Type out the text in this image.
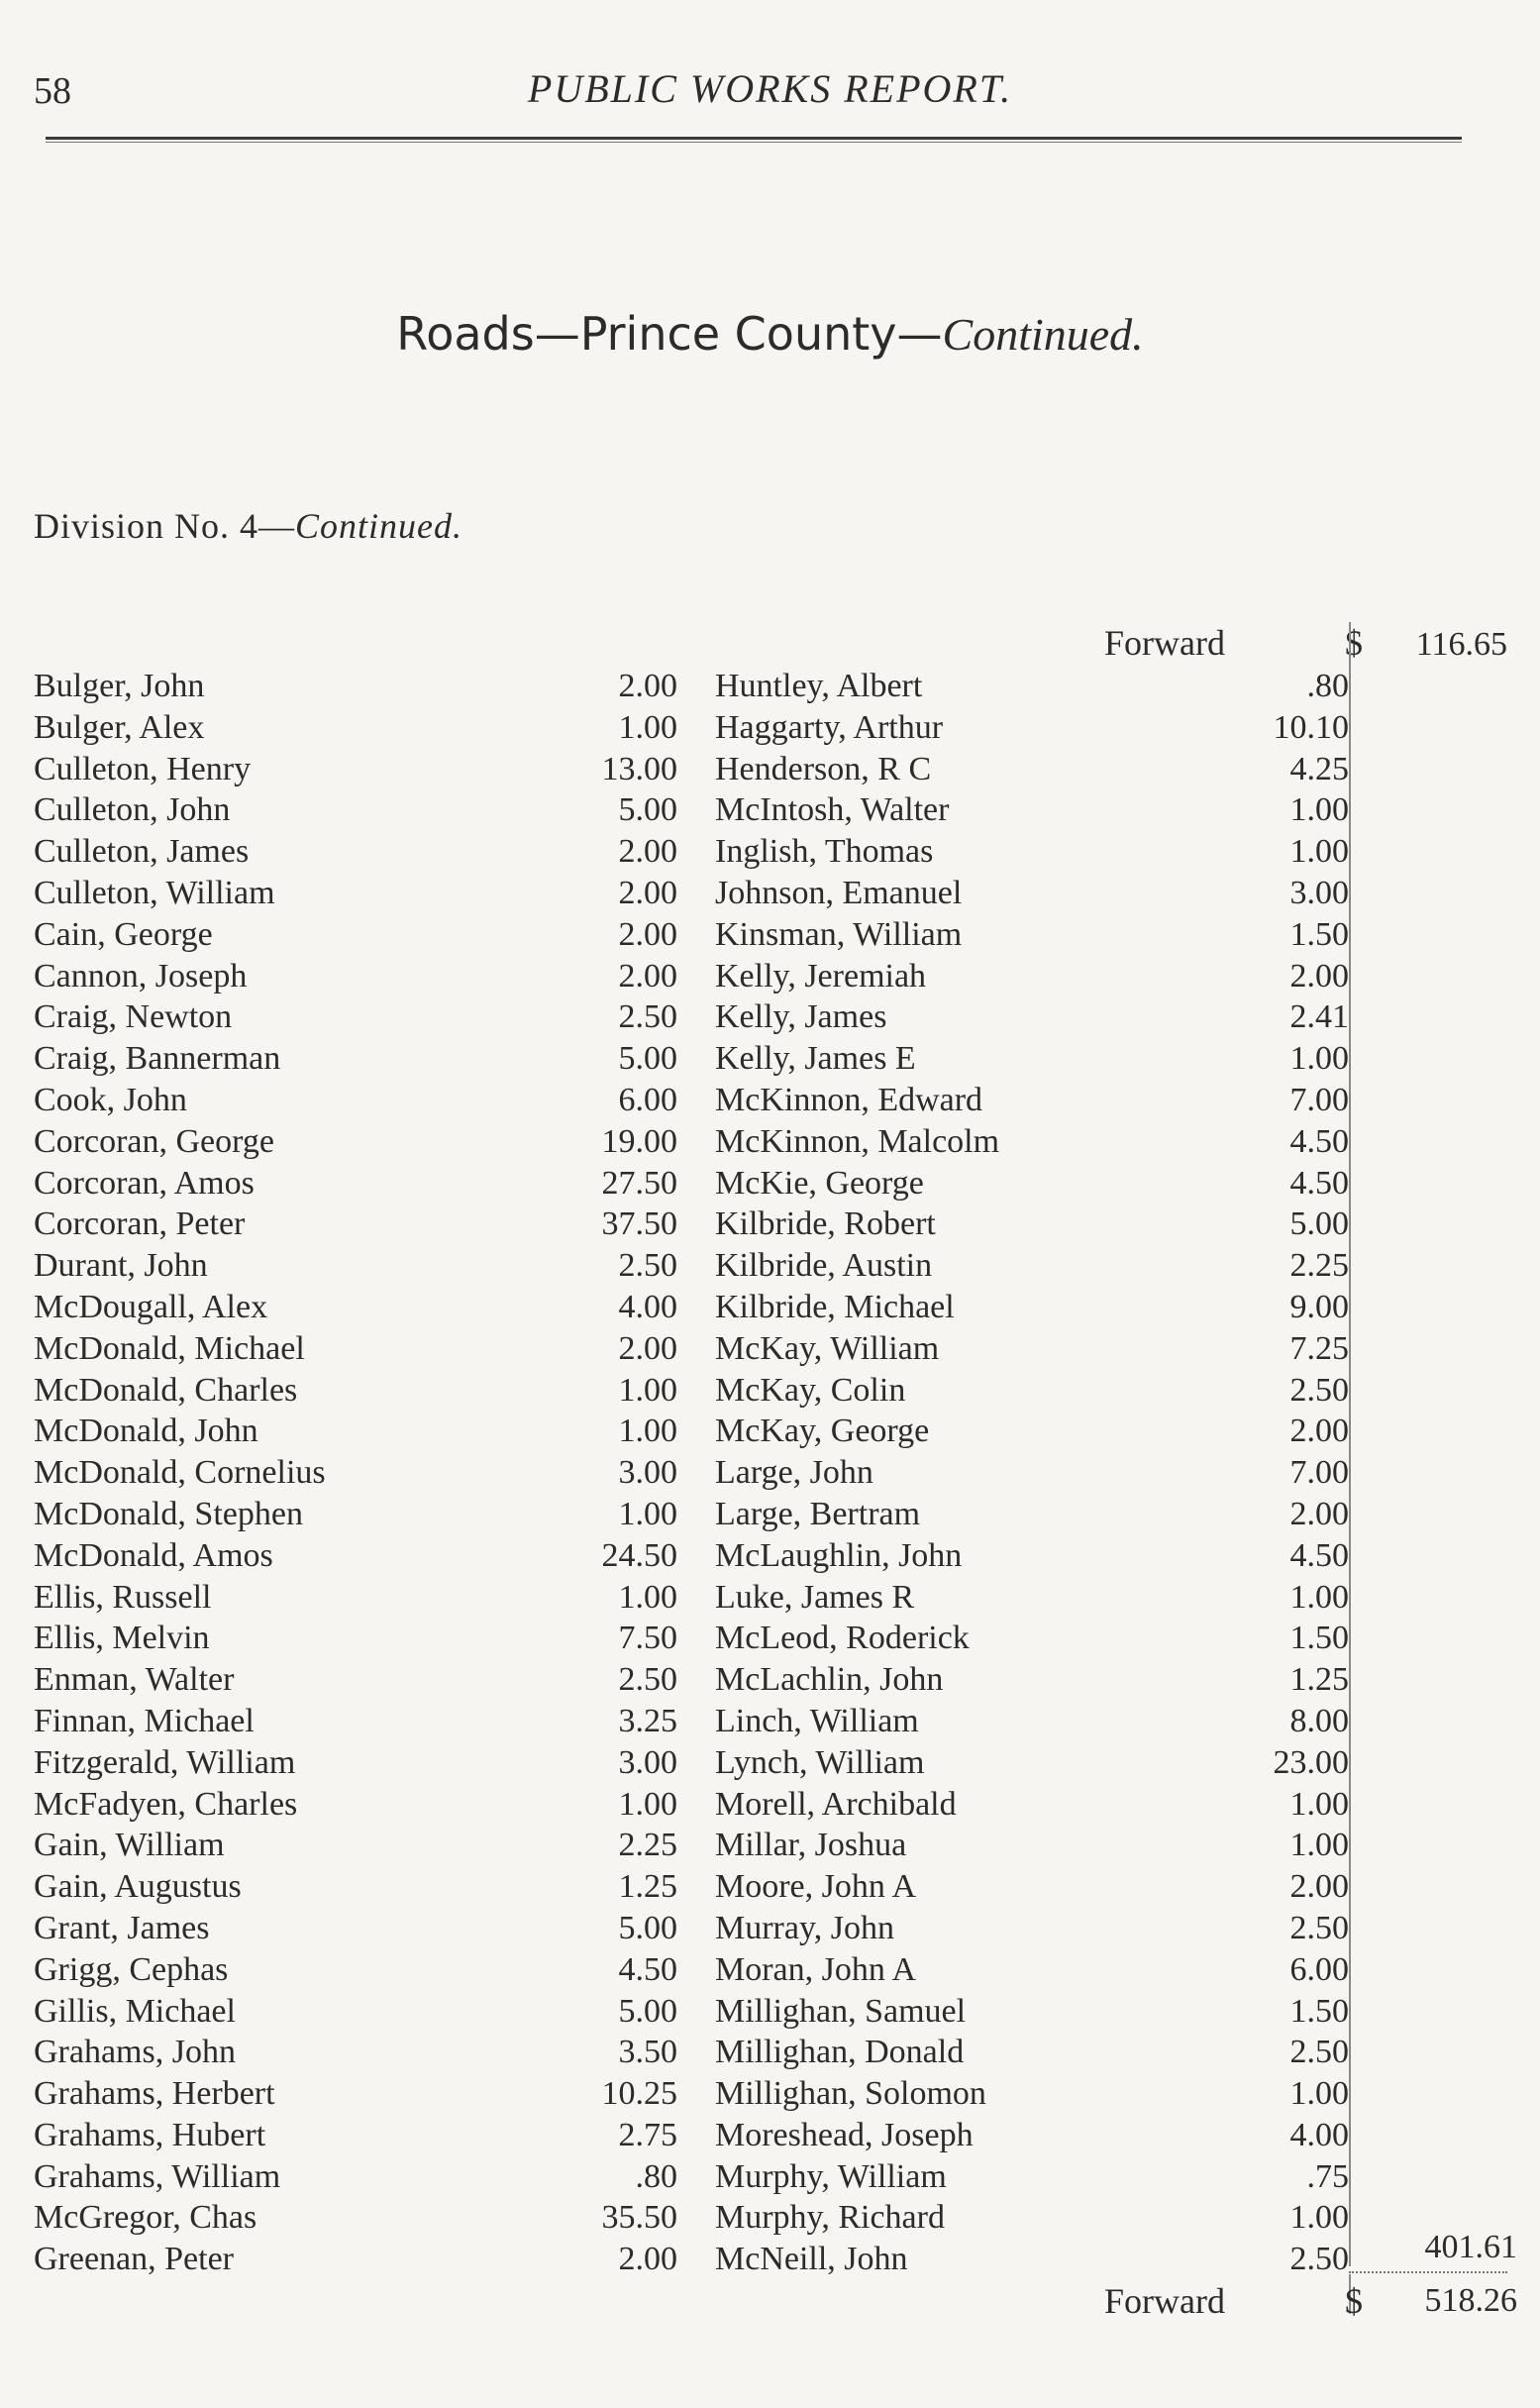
58	PUBLIC WORKS REPORT.
Roads—Prince County—Continued.
Division No. 4—Continued.
Forward	$	116.65
Bulger, John	2.00
Bulger, Alex	1.00
Culleton, Henry	13.00
Culleton, John	5.00
Culleton, James	2.00
Culleton, William	2.00
Cain, George	2.00
Cannon, Joseph	2.00
Craig, Newton	2.50
Craig, Bannerman	5.00
Cook, John	6.00
Corcoran, George	19.00
Corcoran, Amos	27.50
Corcoran, Peter	37.50
Durant, John	2.50
McDougall, Alex	4.00
McDonald, Michael	2.00
McDonald, Charles	1.00
McDonald, John	1.00
McDonald, Cornelius	3.00
McDonald, Stephen	1.00
McDonald, Amos	24.50
Ellis, Russell	1.00
Ellis, Melvin	7.50
Enman, Walter	2.50
Finnan, Michael	3.25
Fitzgerald, William	3.00
McFadyen, Charles	1.00
Gain, William	2.25
Gain, Augustus	1.25
Grant, James	5.00
Grigg, Cephas	4.50
Gillis, Michael	5.00
Grahams, John	3.50
Grahams, Herbert	10.25
Grahams, Hubert	2.75
Grahams, William	.80
McGregor, Chas	35.50
Greenan, Peter	2.00
Huntley, Albert	.80
Haggarty, Arthur	10.10
Henderson, R C	4.25
McIntosh, Walter	1.00
Inglish, Thomas	1.00
Johnson, Emanuel	3.00
Kinsman, William	1.50
Kelly, Jeremiah	2.00
Kelly, James	2.41
Kelly, James E	1.00
McKinnon, Edward	7.00
McKinnon, Malcolm	4.50
McKie, George	4.50
Kilbride, Robert	5.00
Kilbride, Austin	2.25
Kilbride, Michael	9.00
McKay, William	7.25
McKay, Colin	2.50
McKay, George	2.00
Large, John	7.00
Large, Bertram	2.00
McLaughlin, John	4.50
Luke, James R	1.00
McLeod, Roderick	1.50
McLachlin, John	1.25
Linch, William	8.00
Lynch, William	23.00
Morell, Archibald	1.00
Millar, Joshua	1.00
Moore, John A	2.00
Murray, John	2.50
Moran, John A	6.00
Millighan, Samuel	1.50
Millighan, Donald	2.50
Millighan, Solomon	1.00
Moreshead, Joseph	4.00
Murphy, William	.75
Murphy, Richard	1.00
McNeill, John	2.50	401.61
Forward	$	518.26
